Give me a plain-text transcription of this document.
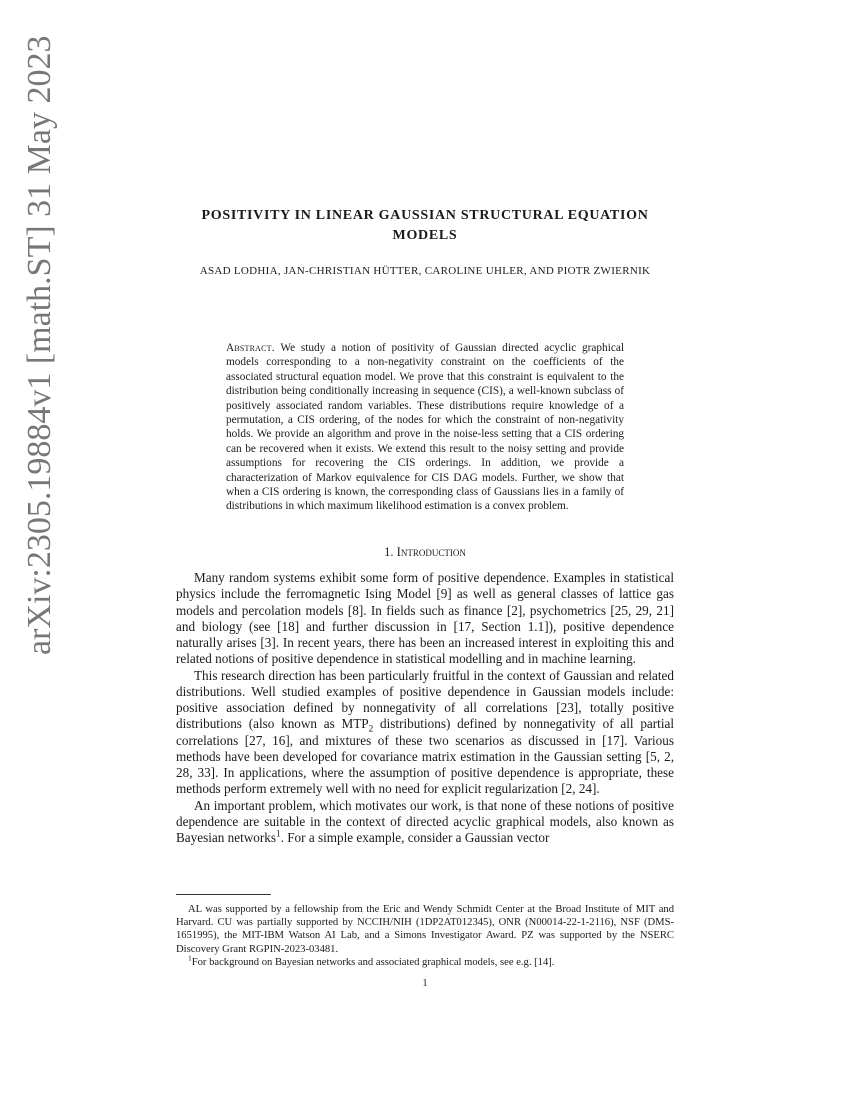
arXiv:2305.19884v1 [math.ST] 31 May 2023	POSITIVITY IN LINEAR GAUSSIAN STRUCTURAL EQUATION
MODELS
ASAD LODHIA, JAN-CHRISTIAN HÜTTER, CAROLINE UHLER, AND PIOTR ZWIERNIK
Abstract. We study a notion of positivity of Gaussian directed acyclic graphical models corresponding to a non-negativity constraint on the coefficients of the associated structural equation model. We prove that this constraint is equivalent to the distribution being conditionally increasing in sequence (CIS), a well-known subclass of positively associated random variables. These distributions require knowledge of a permutation, a CIS ordering, of the nodes for which the constraint of non-negativity holds. We provide an algorithm and prove in the noise-less setting that a CIS ordering can be recovered when it exists. We extend this result to the noisy setting and provide assumptions for recovering the CIS orderings. In addition, we provide a characterization of Markov equivalence for CIS DAG models. Further, we show that when a CIS ordering is known, the corresponding class of Gaussians lies in a family of distributions in which maximum likelihood estimation is a convex problem.
1. Introduction

Many random systems exhibit some form of positive dependence. Examples in statistical physics include the ferromagnetic Ising Model [9] as well as general classes of lattice gas models and percolation models [8]. In fields such as finance [2], psychometrics [25, 29, 21] and biology (see [18] and further discussion in [17, Section 1.1]), positive dependence naturally arises [3]. In recent years, there has been an increased interest in exploiting this and related notions of positive dependence in statistical modelling and in machine learning.

This research direction has been particularly fruitful in the context of Gaussian and related distributions. Well studied examples of positive dependence in Gaussian models include: positive association defined by nonnegativity of all correlations [23], totally positive distributions (also known as $MTP_2$ distributions) defined by nonnegativity of all partial correlations [27, 16], and mixtures of these two scenarios as discussed in [17]. Various methods have been developed for covariance matrix estimation in the Gaussian setting [5, 2, 28, 33]. In applications, where the assumption of positive dependence is appropriate, these methods perform extremely well with no need for explicit regularization [2, 24].

An important problem, which motivates our work, is that none of these notions of positive dependence are suitable in the context of directed acyclic graphical models, also known as Bayesian networks$^1$. For a simple example, consider a Gaussian vector

AL was supported by a fellowship from the Eric and Wendy Schmidt Center at the Broad Institute of MIT and Harvard. CU was partially supported by NCCIH/NIH (1DP2AT012345), ONR (N00014-22-1-2116), NSF (DMS-1651995), the MIT-IBM Watson AI Lab, and a Simons Investigator Award. PZ was supported by the NSERC Discovery Grant RGPIN-2023-03481.

$^1$For background on Bayesian networks and associated graphical models, see e.g. [14].

1
